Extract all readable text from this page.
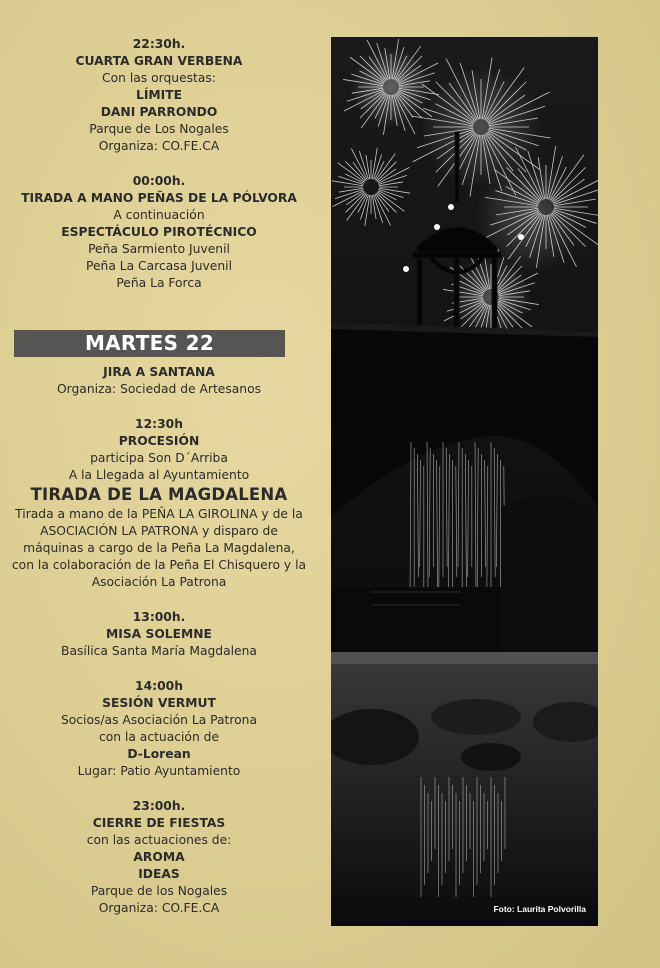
22:30h.
CUARTA GRAN VERBENA
Con las orquestas:
LÍMITE
DANI PARRONDO
Parque de Los Nogales
Organiza: CO.FE.CA
00:00h.
TIRADA A MANO PEÑAS DE LA PÓLVORA
A continuación
ESPECTÁCULO PIROTÉCNICO
Peña Sarmiento Juvenil
Peña La Carcasa Juvenil
Peña La Forca
MARTES 22
JIRA A SANTANA
Organiza: Sociedad de Artesanos
12:30h
PROCESIÓN
participa Son D´Arriba
A la Llegada al Ayuntamiento
TIRADA DE LA MAGDALENA
Tirada a mano de la PEÑA LA GIROLINA y de la
ASOCIACIÓN LA PATRONA y disparo de
máquinas a cargo de la Peña La Magdalena,
con la colaboración de la Peña El Chisquero y la
Asociación La Patrona
13:00h.
MISA SOLEMNE
Basílica Santa María Magdalena
14:00h
SESIÓN VERMUT
Socios/as Asociación La Patrona
con la actuación de
D-Lorean
Lugar: Patio Ayuntamiento
23:00h.
CIERRE DE FIESTAS
con las actuaciones de:
AROMA
IDEAS
Parque de los Nogales
Organiza: CO.FE.CA	Foto: Laurita Polvorilla
